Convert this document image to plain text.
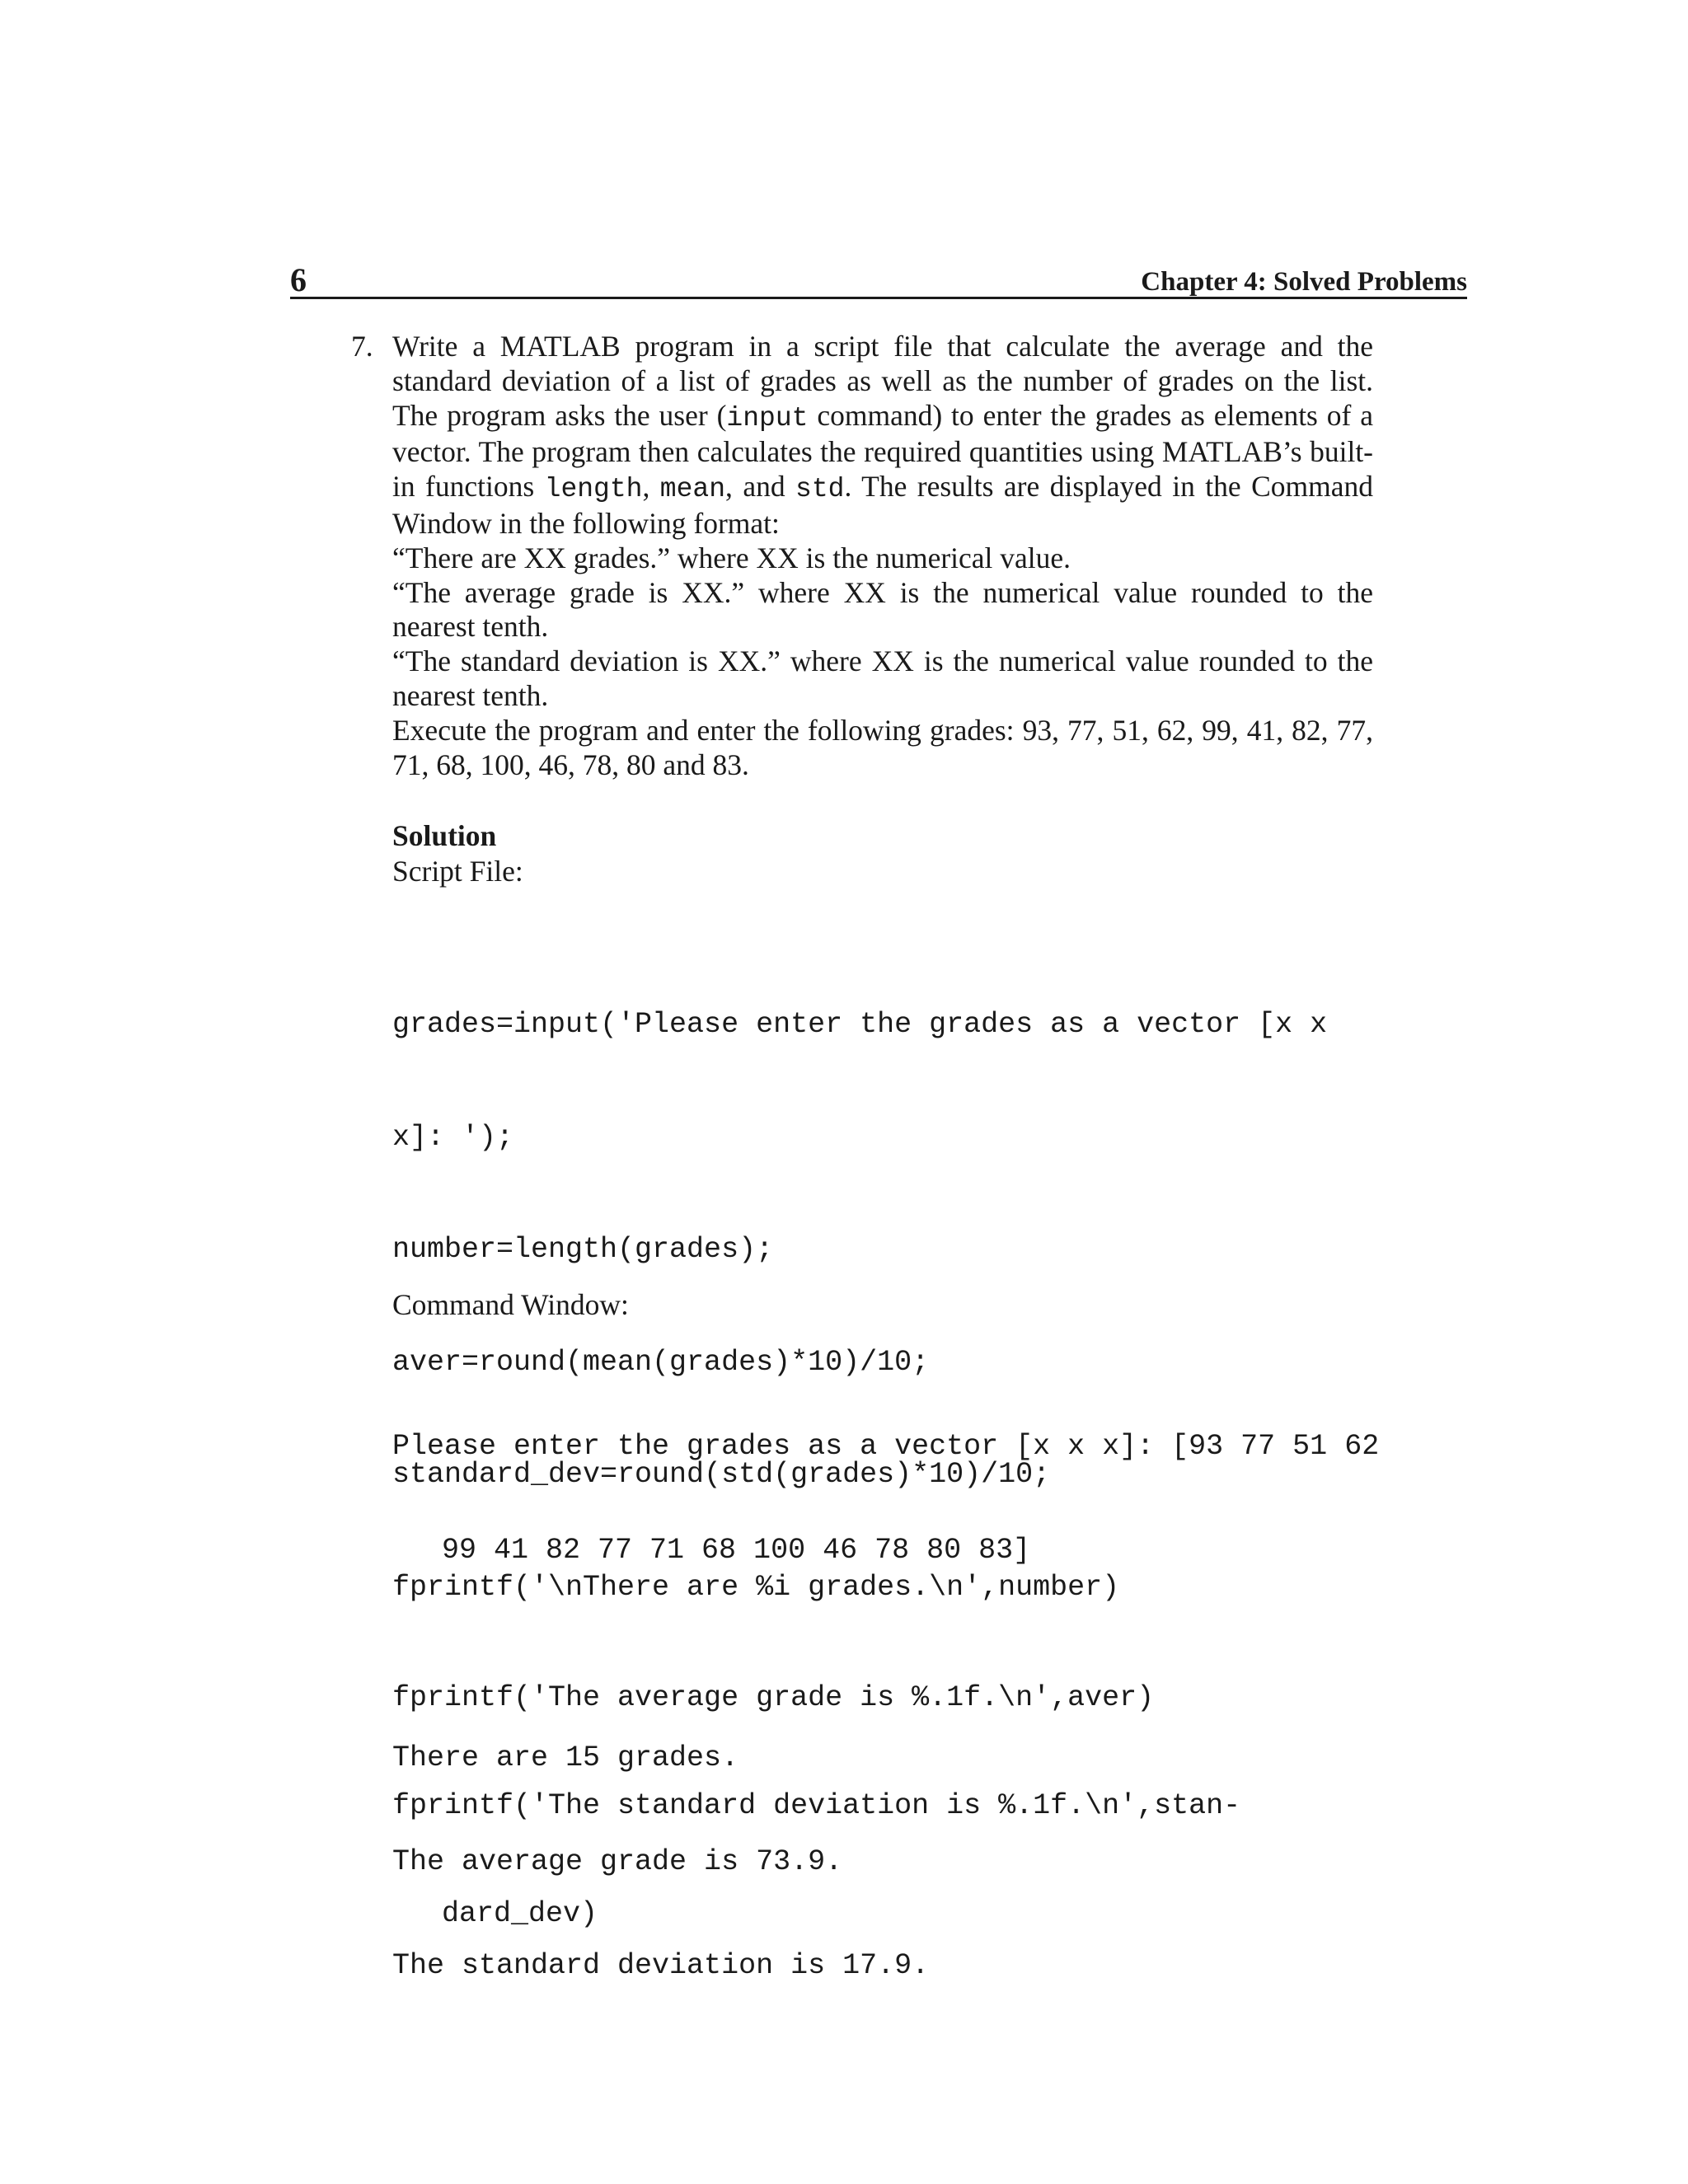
6	Chapter 4: Solved Problems
7. Write a MATLAB program in a script file that calculate the average and the standard deviation of a list of grades as well as the number of grades on the list. The program asks the user (input command) to enter the grades as elements of a vector. The program then calculates the required quantities using MATLAB’s built-in functions length, mean, and std. The results are displayed in the Command Window in the following format:

“There are XX grades.” where XX is the numerical value.

“The average grade is XX.” where XX is the numerical value rounded to the nearest tenth.

“The standard deviation is XX.” where XX is the numerical value rounded to the nearest tenth.

Execute the program and enter the following grades: 93, 77, 51, 62, 99, 41, 82, 77, 71, 68, 100, 46, 78, 80 and 83.

Solution
Script File:

grades=input('Please enter the grades as a vector [x x

x]: ');

number=length(grades);

aver=round(mean(grades)*10)/10;

standard_dev=round(std(grades)*10)/10;

fprintf('\nThere are %i grades.\n',number)

fprintf('The average grade is %.1f.\n',aver)

fprintf('The standard deviation is %.1f.\n',stan-

dard_dev)

Command Window:

Please enter the grades as a vector [x x x]: [93 77 51 62

99 41 82 77 71 68 100 46 78 80 83]

There are 15 grades.

The average grade is 73.9.

The standard deviation is 17.9.
